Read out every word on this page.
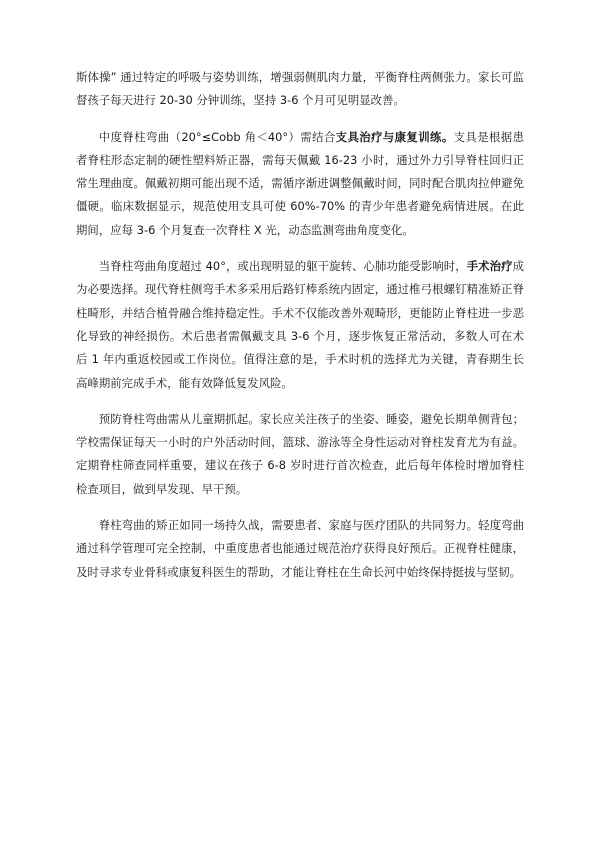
斯体操” 通过特定的呼吸与姿势训练，增强弱侧肌肉力量，平衡脊柱两侧张力。家长可监督孩子每天进行 20-30 分钟训练，坚持 3-6 个月可见明显改善。

中度脊柱弯曲（20°≤Cobb 角＜40°）需结合支具治疗与康复训练。支具是根据患者脊柱形态定制的硬性塑料矫正器，需每天佩戴 16-23 小时，通过外力引导脊柱回归正常生理曲度。佩戴初期可能出现不适，需循序渐进调整佩戴时间，同时配合肌肉拉伸避免僵硬。临床数据显示，规范使用支具可使 60%-70% 的青少年患者避免病情进展。在此期间，应每 3-6 个月复查一次脊柱 X 光，动态监测弯曲角度变化。

当脊柱弯曲角度超过 40°，或出现明显的躯干旋转、心肺功能受影响时，手术治疗成为必要选择。现代脊柱侧弯手术多采用后路钉棒系统内固定，通过椎弓根螺钉精准矫正脊柱畸形，并结合植骨融合维持稳定性。手术不仅能改善外观畸形，更能防止脊柱进一步恶化导致的神经损伤。术后患者需佩戴支具 3-6 个月，逐步恢复正常活动，多数人可在术后 1 年内重返校园或工作岗位。值得注意的是，手术时机的选择尤为关键，青春期生长高峰期前完成手术，能有效降低复发风险。

预防脊柱弯曲需从儿童期抓起。家长应关注孩子的坐姿、睡姿，避免长期单侧背包；学校需保证每天一小时的户外活动时间，篮球、游泳等全身性运动对脊柱发育尤为有益。定期脊柱筛查同样重要，建议在孩子 6-8 岁时进行首次检查，此后每年体检时增加脊柱检查项目，做到早发现、早干预。

脊柱弯曲的矫正如同一场持久战，需要患者、家庭与医疗团队的共同努力。轻度弯曲通过科学管理可完全控制，中重度患者也能通过规范治疗获得良好预后。正视脊柱健康，及时寻求专业骨科或康复科医生的帮助，才能让脊柱在生命长河中始终保持挺拔与坚韧。
